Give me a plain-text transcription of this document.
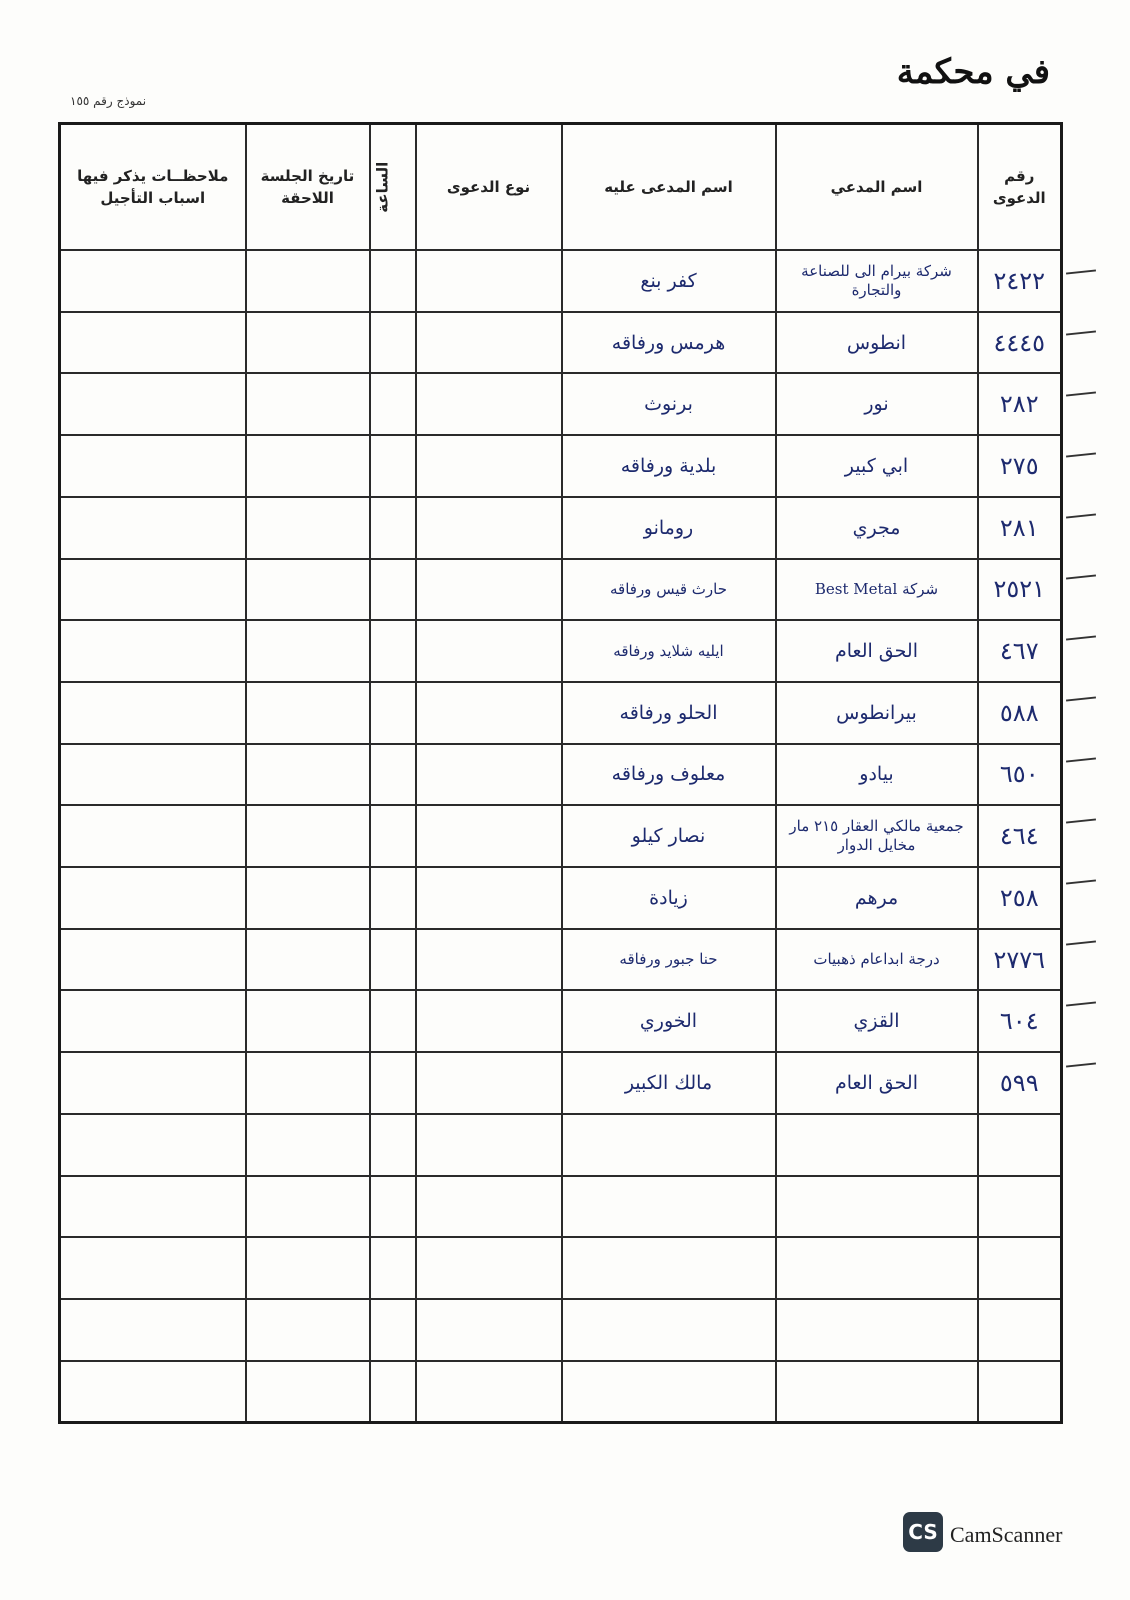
في محكمة
نموذج رقم ١٥٥
رقم الدعوى	اسم المدعي	اسم المدعى عليه	نوع الدعوى	الساعة	تاريخ الجلسة اللاحقة	ملاحظــات يذكر فيها اسباب التأجيل
٢٤٢٢	شركة بيرام الى للصناعة والتجارة	كفر بنع				
٤٤٤٥	انطوس	هرمس ورفاقه				
٢٨٢	نور	برنوث				
٢٧٥	ابي كبير	بلدية ورفاقه				
٢٨١	مجري	رومانو				
٢٥٢١	شركة Best Metal	حارث قيس ورفاقه				
٤٦٧	الحق العام	ايليه شلايد ورفاقه				
٥٨٨	بيرانطوس	الحلو ورفاقه				
٦٥٠	بيادو	معلوف ورفاقه				
٤٦٤	جمعية مالكي العقار ٢١٥ مار مخايل الدوار	نصار كيلو				
٢٥٨	مرهم	زيادة				
٢٧٧٦	درجة ابداعام ذهبيات	حنا جبور ورفاقه				
٦٠٤	القزي	الخوري				
٥٩٩	الحق العام	مالك الكبير				

CS CamScanner
